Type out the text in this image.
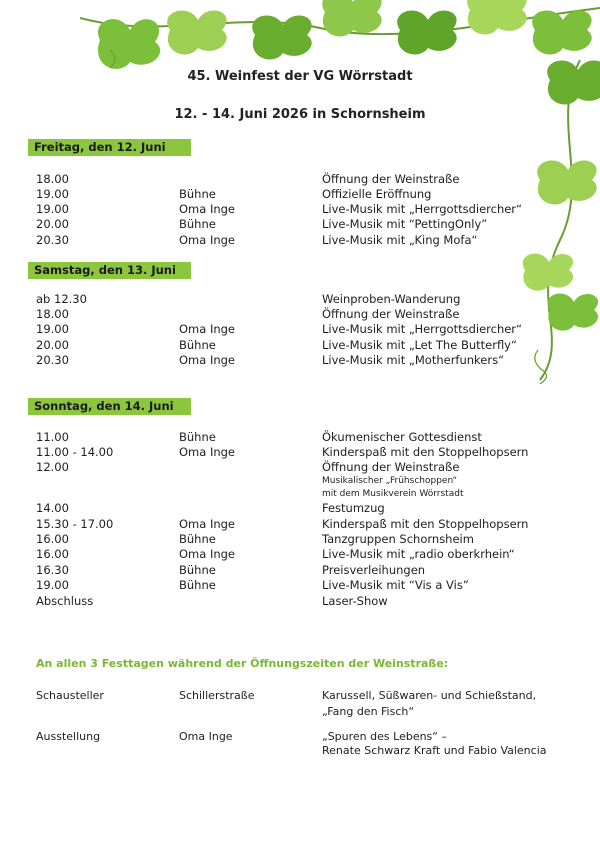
45. Weinfest der VG Wörrstadt
12. - 14. Juni 2026 in Schornsheim
Freitag, den 12. Juni
18.00	Öffnung der Weinstraße
19.00	Bühne	Offizielle Eröffnung
19.00	Oma Inge	Live-Musik mit „Herrgottsdiercher“
20.00	Bühne	Live-Musik mit “PettingOnly”
20.30	Oma Inge	Live-Musik mit „King Mofa“
Samstag, den 13. Juni
ab 12.30	Weinproben-Wanderung
18.00	Öffnung der Weinstraße
19.00	Oma Inge	Live-Musik mit „Herrgottsdiercher“
20.00	Bühne	Live-Musik mit „Let The Butterfly“
20.30	Oma Inge	Live-Musik mit „Motherfunkers“
Sonntag, den 14. Juni
11.00	Bühne	Ökumenischer Gottesdienst
11.00 - 14.00	Oma Inge	Kinderspaß mit den Stoppelhopsern
12.00	Öffnung der Weinstraße
Musikalischer „Frühschoppen“
mit dem Musikverein Wörrstadt
14.00	Festumzug
15.30 - 17.00	Oma Inge	Kinderspaß mit den Stoppelhopsern
16.00	Bühne	Tanzgruppen Schornsheim
16.00	Oma Inge	Live-Musik mit „radio oberkrhein“
16.30	Bühne	Preisverleihungen
19.00	Bühne	Live-Musik mit “Vis a Vis”
Abschluss	Laser-Show
An allen 3 Festtagen während der Öffnungszeiten der Weinstraße:
Schausteller	Schillerstraße	Karussell, Süßwaren- und Schießstand,
„Fang den Fisch“
Ausstellung	Oma Inge	„Spuren des Lebens“ –
Renate Schwarz Kraft und Fabio Valencia
